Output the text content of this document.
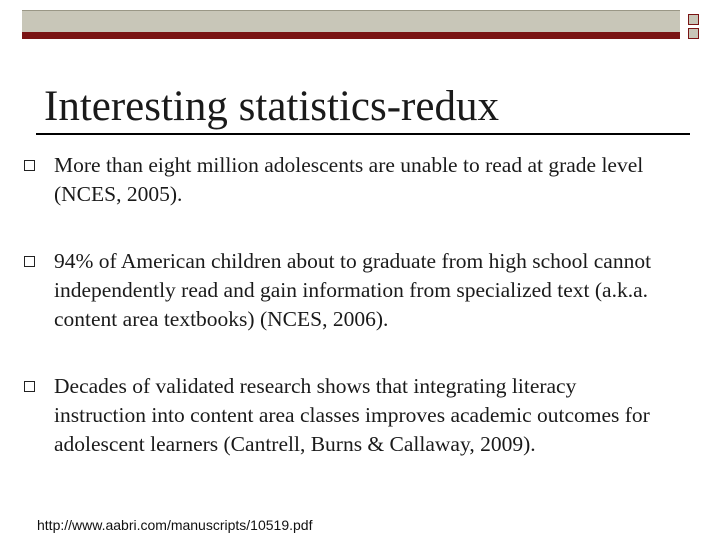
Interesting statistics-redux
More than eight million adolescents are unable to read at grade level (NCES, 2005).
94% of American children about to graduate from high school cannot independently read and gain information from specialized text (a.k.a. content area textbooks) (NCES, 2006).
Decades of validated research shows that integrating literacy instruction into content area classes improves academic outcomes for adolescent learners (Cantrell, Burns & Callaway, 2009).
http://www.aabri.com/manuscripts/10519.pdf
